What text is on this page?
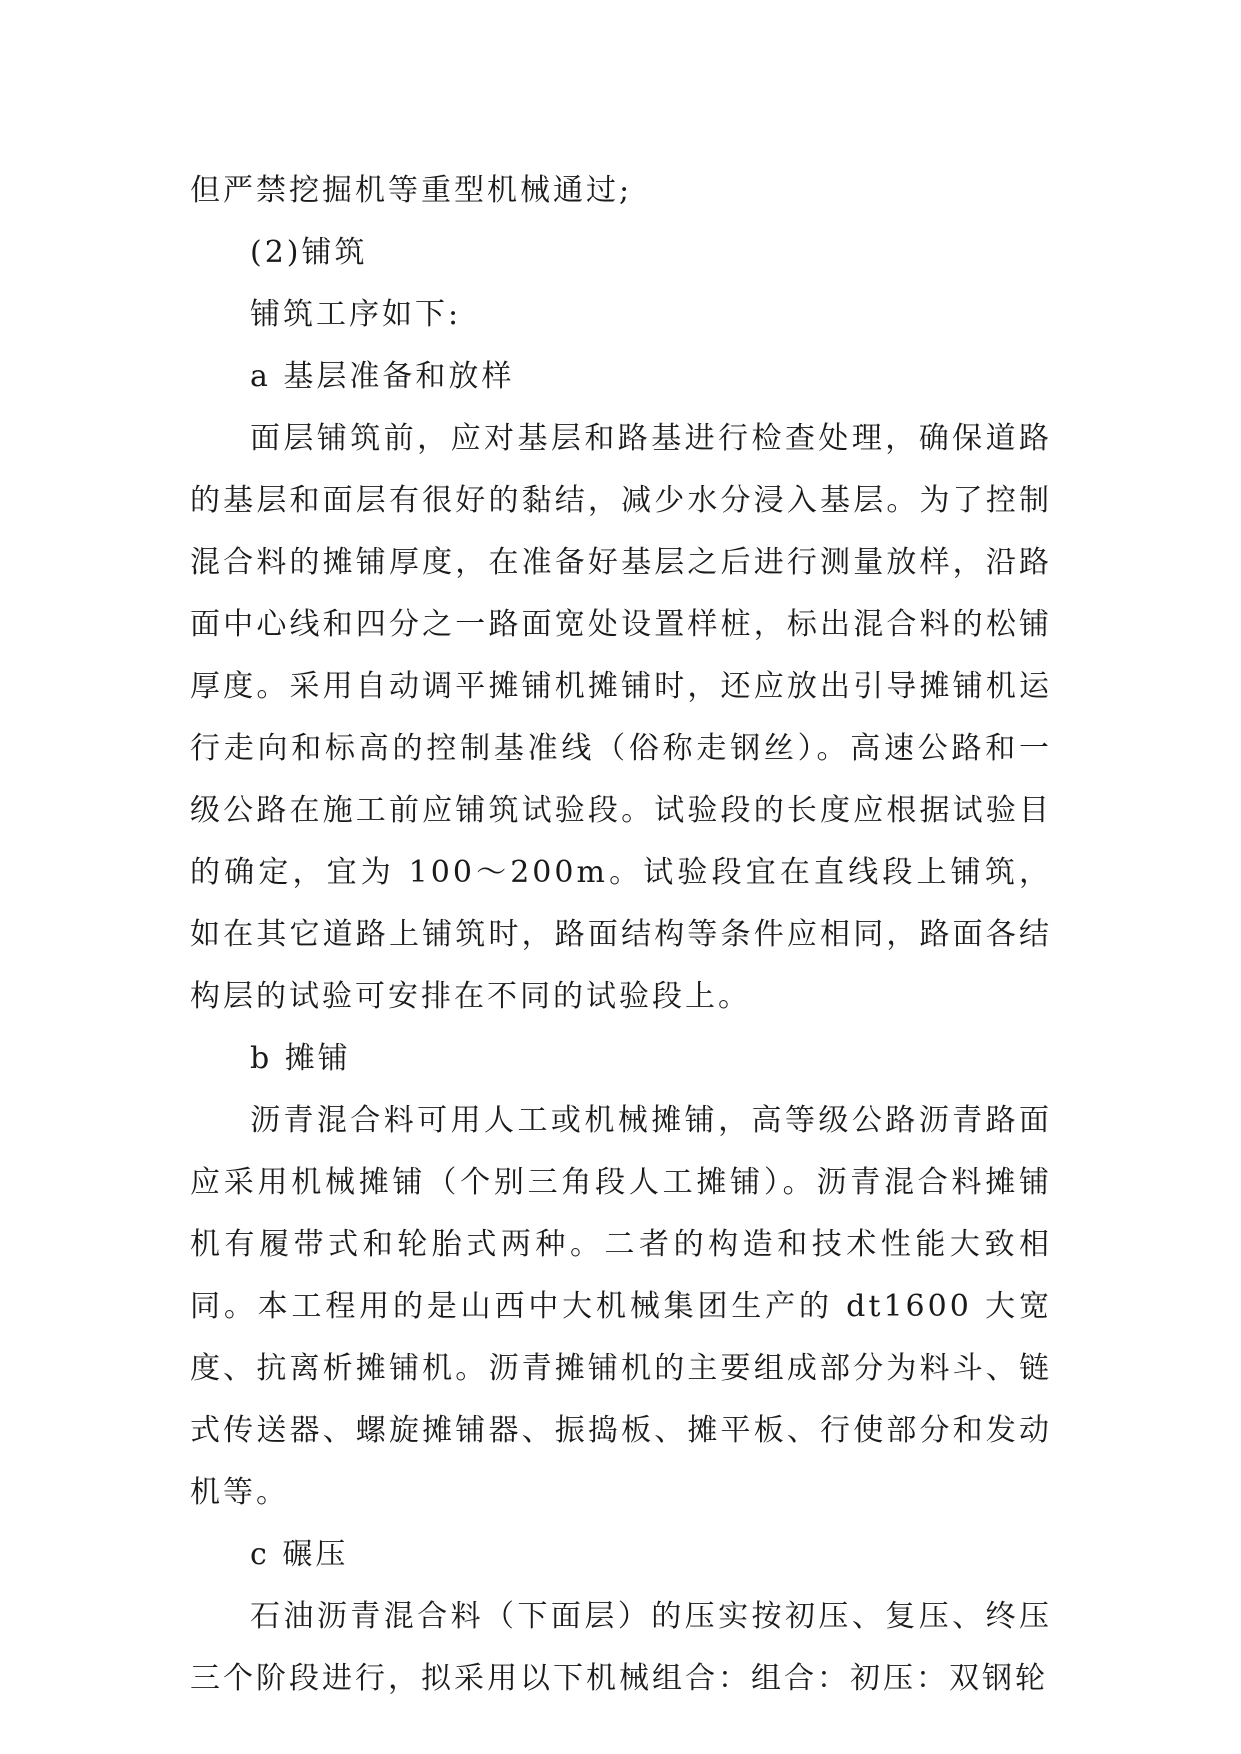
但严禁挖掘机等重型机械通过;

(2)铺筑

铺筑工序如下:

a 基层准备和放样

面层铺筑前，应对基层和路基进行检查处理，确保道路的基层和面层有很好的黏结，减少水分浸入基层。为了控制混合料的摊铺厚度，在准备好基层之后进行测量放样，沿路面中心线和四分之一路面宽处设置样桩，标出混合料的松铺厚度。采用自动调平摊铺机摊铺时，还应放出引导摊铺机运行走向和标高的控制基准线（俗称走钢丝）。高速公路和一级公路在施工前应铺筑试验段。试验段的长度应根据试验目的确定，宜为 100～200m。试验段宜在直线段上铺筑，如在其它道路上铺筑时，路面结构等条件应相同，路面各结构层的试验可安排在不同的试验段上。

b 摊铺

沥青混合料可用人工或机械摊铺，高等级公路沥青路面应采用机械摊铺（个别三角段人工摊铺）。沥青混合料摊铺机有履带式和轮胎式两种。二者的构造和技术性能大致相同。本工程用的是山西中大机械集团生产的 dt1600 大宽度、抗离析摊铺机。沥青摊铺机的主要组成部分为料斗、链式传送器、螺旋摊铺器、振捣板、摊平板、行使部分和发动机等。

c 碾压

石油沥青混合料（下面层）的压实按初压、复压、终压三个阶段进行，拟采用以下机械组合：组合：初压：双钢轮
